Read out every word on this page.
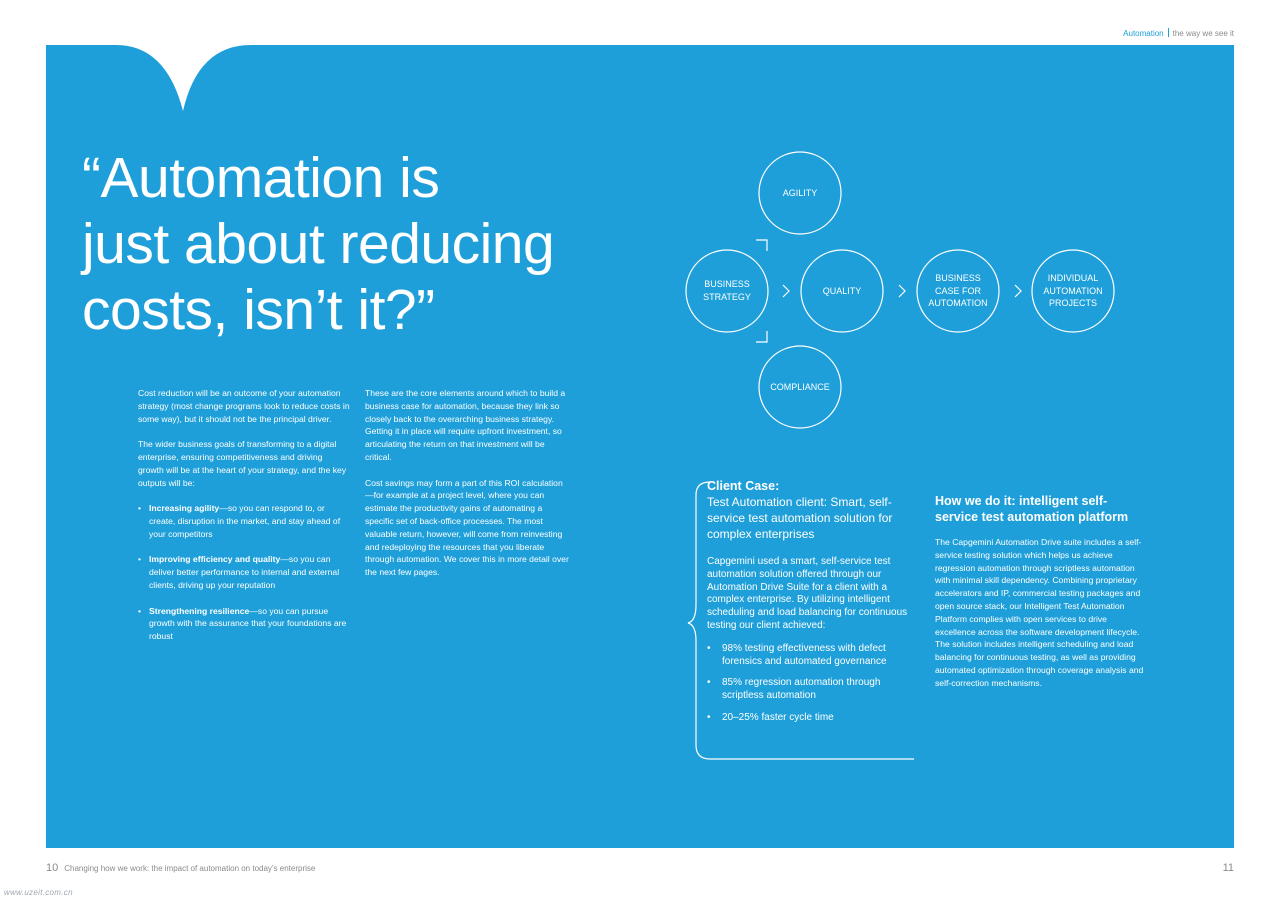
Automation the way we see it
“Automation is
just about reducing
costs, isn’t it?”

Cost reduction will be an outcome of your automation strategy (most change programs look to reduce costs in some way), but it should not be the principal driver.

The wider business goals of transforming to a digital enterprise, ensuring competitiveness and driving growth will be at the heart of your strategy, and the key outputs will be:

• Increasing agility—so you can respond to, or create, disruption in the market, and stay ahead of your competitors
• Improving efficiency and quality—so you can deliver better performance to internal and external clients, driving up your reputation
• Strengthening resilience—so you can pursue growth with the assurance that your foundations are robust

These are the core elements around which to build a business case for automation, because they link so closely back to the overarching business strategy. Getting it in place will require upfront investment, so articulating the return on that investment will be critical.

Cost savings may form a part of this ROI calculation—for example at a project level, where you can estimate the productivity gains of automating a specific set of back-office processes. The most valuable return, however, will come from reinvesting and redeploying the resources that you liberate through automation. We cover this in more detail over the next few pages.

AGILITY
BUSINESS
STRATEGY
QUALITY
BUSINESS
CASE FOR
AUTOMATION
INDIVIDUAL
AUTOMATION
PROJECTS
COMPLIANCE
Client Case:
Test Automation client: Smart, self-service test automation solution for complex enterprises
Capgemini used a smart, self-service test automation solution offered through our Automation Drive Suite for a client with a complex enterprise. By utilizing intelligent scheduling and load balancing for continuous testing our client achieved:
• 98% testing effectiveness with defect forensics and automated governance
• 85% regression automation through scriptless automation
• 20–25% faster cycle time
How we do it: intelligent self-service test automation platform
The Capgemini Automation Drive suite includes a self-service testing solution which helps us achieve regression automation through scriptless automation with minimal skill dependency. Combining proprietary accelerators and IP, commercial testing packages and open source stack, our Intelligent Test Automation Platform complies with open services to drive excellence across the software development lifecycle. The solution includes intelligent scheduling and load balancing for continuous testing, as well as providing automated optimization through coverage analysis and self-correction mechanisms.
10 Changing how we work: the impact of automation on today’s enterprise	11
www.uzeit.com.cn
